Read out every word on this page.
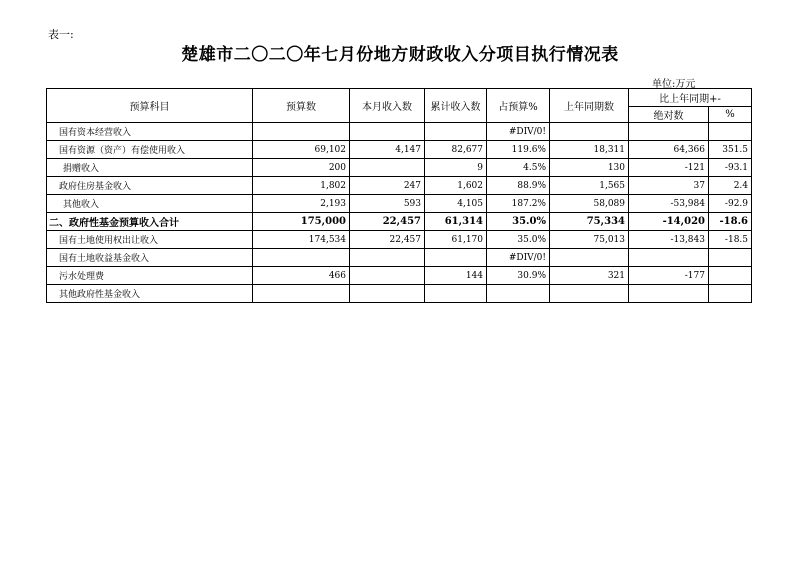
表一:
楚雄市二〇二〇年七月份地方财政收入分项目执行情况表
单位:万元
预算科目	预算数	本月收入数	累计收入数	占预算%	上年同期数	比上年同期+-	
						绝对数	%
国有资本经营收入				#DIV/0!			
国有资源（资产）有偿使用收入	69,102	4,147	82,677	119.6%	18,311	64,366	351.5
捐赠收入	200		9	4.5%	130	-121	-93.1
政府住房基金收入	1,802	247	1,602	88.9%	1,565	37	2.4
其他收入	2,193	593	4,105	187.2%	58,089	-53,984	-92.9
二、政府性基金预算收入合计	175,000	22,457	61,314	35.0%	75,334	-14,020	-18.6
国有土地使用权出让收入	174,534	22,457	61,170	35.0%	75,013	-13,843	-18.5
国有土地收益基金收入				#DIV/0!			
污水处理费	466		144	30.9%	321	-177	
其他政府性基金收入							
